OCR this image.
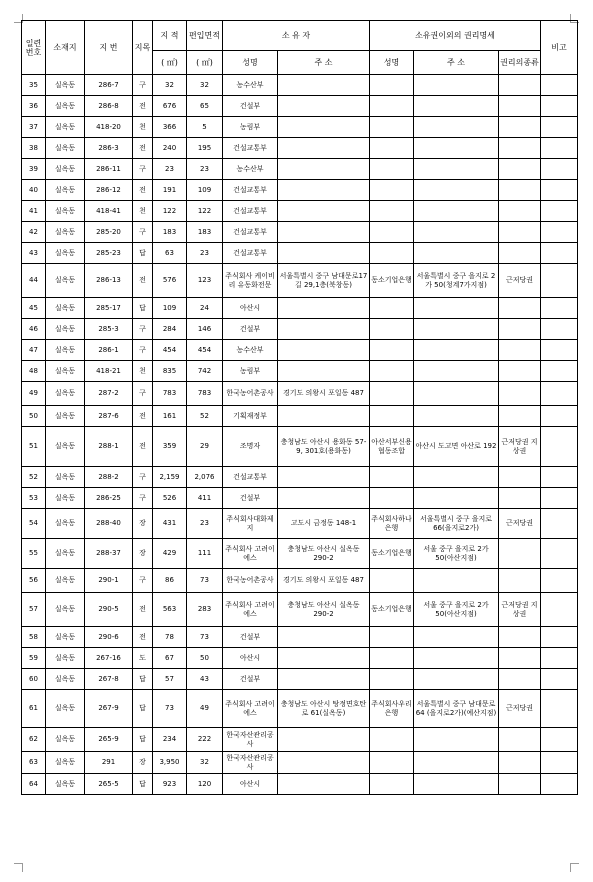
일련번호	소재지	지 번	지목	지 적	편입면적	소 유 자		소유권이외의 권리명세			비고
				( ㎡)	( ㎡)	성명	주 소	성명	주 소	권리의종류	
35	실옥동	286-7	구	32	32	농수산부					
36	실옥동	286-8	전	676	65	건설부					
37	실옥동	418-20	천	366	5	농림부					
38	실옥동	286-3	전	240	195	건설교통부					
39	실옥동	286-11	구	23	23	농수산부					
40	실옥동	286-12	전	191	109	건설교통부					
41	실옥동	418-41	천	122	122	건설교통부					
42	실옥동	285-20	구	183	183	건설교통부					
43	실옥동	285-23	답	63	23	건설교통부					
44	실옥동	286-13	전	576	123	주식회사 케이비리 유동화전문	서울특별시 중구 남대문로17길 29,1층(북창동)	동소기업은행	서울특별시 중구 을지로 2가 50(청계7가지점)	근저당권	
45	실옥동	285-17	답	109	24	아산시					
46	실옥동	285-3	구	284	146	건설부					
47	실옥동	286-1	구	454	454	농수산부					
48	실옥동	418-21	천	835	742	농림부					
49	실옥동	287-2	구	783	783	한국농어촌공사	경기도 의왕시 포일동 487				
50	실옥동	287-6	전	161	52	기획재정부					
51	실옥동	288-1	전	359	29	조명자	충청남도 아산시 용화동 57-9, 301호(용화동)	아산서부신용협동조합	아산시 도고면 아산로 192	근저당권 지상권	
52	실옥동	288-2	구	2,159	2,076	건설교통부					
53	실옥동	286-25	구	526	411	건설부					
54	실옥동	288-40	장	431	23	주식회사대화제지	고도시 금정동 148-1	주식회사하나은행	서울특별시 중구 을지로 66(을지로2가)	근저당권	
55	실옥동	288-37	장	429	111	주식회사 고려이에스	충청남도 아산시 실옥동 290-2	동소기업은행	서울 중구 을지로 2가 50(아산지점)		
56	실옥동	290-1	구	86	73	한국농어촌공사	경기도 의왕시 포일동 487				
57	실옥동	290-5	전	563	283	주식회사 고려이에스	충청남도 아산시 실옥동 290-2	동소기업은행	서울 중구 을지로 2가 50(아산지점)	근저당권 지상권	
58	실옥동	290-6	전	78	73	건설부					
59	실옥동	267-16	도	67	50	아산시					
60	실옥동	267-8	답	57	43	건설부					
61	실옥동	267-9	답	73	49	주식회사 고려이에스	충청남도 아산시 탕정면호탄로 61(실옥동)	주식회사우리은행	서울특별시 중구 남대문로 64 (을지로2가)(예산지점)	근저당권	
62	실옥동	265-9	답	234	222	한국자산관리공사					
63	실옥동	291	장	3,950	32	한국자산관리공사					
64	실옥동	265-5	답	923	120	아산시					
